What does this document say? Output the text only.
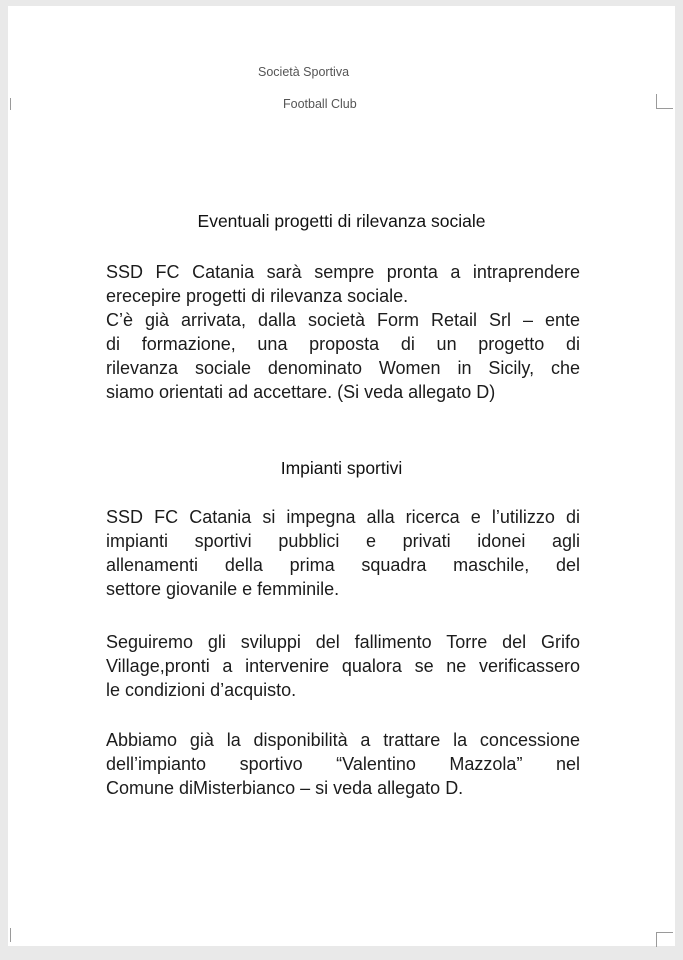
Società Sportiva
Football Club
Eventuali progetti di rilevanza sociale
SSD FC Catania sarà sempre pronta a intraprendere
erecepire progetti di rilevanza sociale.
C’è già arrivata, dalla società Form Retail Srl – ente
di formazione, una proposta di un progetto di
rilevanza sociale denominato Women in Sicily, che
siamo orientati ad accettare. (Si veda allegato D)
Impianti sportivi
SSD FC Catania si impegna alla ricerca e l’utilizzo di
impianti sportivi pubblici e privati idonei agli
allenamenti della prima squadra maschile, del
settore giovanile e femminile.
Seguiremo gli sviluppi del fallimento Torre del Grifo
Village,pronti a intervenire qualora se ne verificassero
le condizioni d’acquisto.
Abbiamo già la disponibilità a trattare la concessione
dell’impianto sportivo “Valentino Mazzola” nel
Comune diMisterbianco – si veda allegato D.
